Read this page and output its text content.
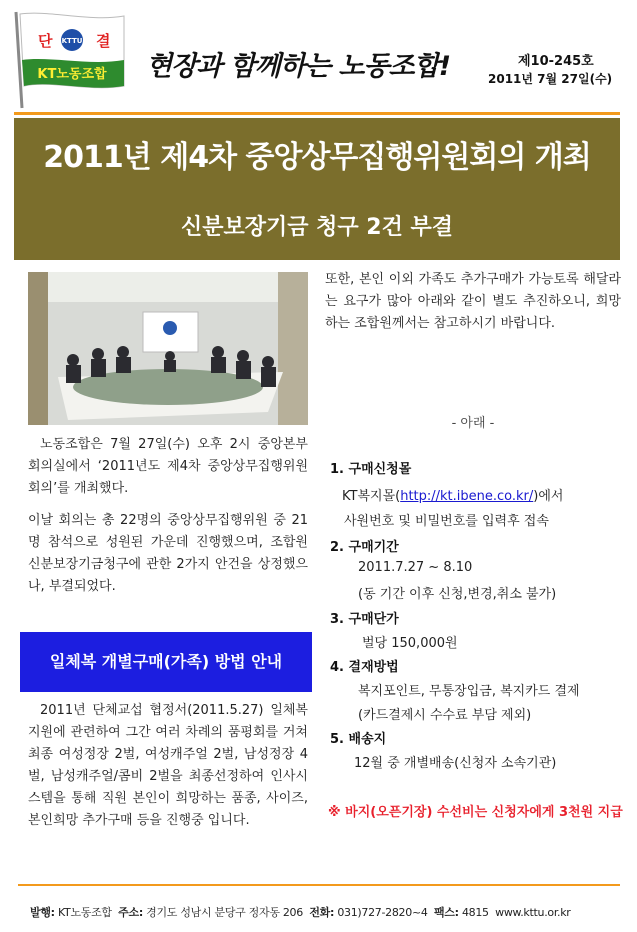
KTTU
단	결
KT노동조합 현장과 함께하는 노동조합!	제10-245호
2011년 7월 27일(수)
2011년 제4차 중앙상무집행위원회의 개최
신분보장기금 청구 2건 부결
노동조합은 7월 27일(수) 오후 2시 중앙본부 회의실에서 ‘2011년도 제4차 중앙상무집행위원 회의’를 개최했다.
이날 회의는 총 22명의 중앙상무집행위원 중 21명 참석으로 성원된 가운데 진행했으며, 조합원 신분보장기금청구에 관한 2가지 안건을 상정했으나, 부결되었다.
일체복 개별구매(가족) 방법 안내
2011년 단체교섭 협정서(2011.5.27) 일체복지원에 관련하여 그간 여러 차례의 품평회를 거쳐 최종 여성정장 2벌, 여성캐주얼 2벌, 남성정장 4벌, 남성캐주얼/콤비 2벌을 최종선정하여 인사시스템을 통해 직원 본인이 희망하는 품종, 사이즈, 본인희망 추가구매 등을 진행중 입니다.
또한, 본인 이외 가족도 추가구매가 가능토록 해달라는 요구가 많아 아래와 같이 별도 추진하오니, 희망하는 조합원께서는 참고하시기 바랍니다.
- 아래 -
1. 구매신청몰
KT복지몰(http://kt.ibene.co.kr/)에서
사원번호 및 비밀번호를 입력후 접속
2. 구매기간
2011.7.27 ~ 8.10
(동 기간 이후 신청,변경,취소 불가)
3. 구매단가
벌당 150,000원
4. 결재방법
복지포인트, 무통장입금, 복지카드 결제
(카드결제시 수수료 부담 제외)
5. 배송지
12월 중 개별배송(신청자 소속기관)
※ 바지(오픈기장) 수선비는 신청자에게 3천원 지급
발행: KT노동조합 주소: 경기도 성남시 분당구 정자동 206 전화: 031)727-2820~4 팩스: 4815 www.kttu.or.kr
